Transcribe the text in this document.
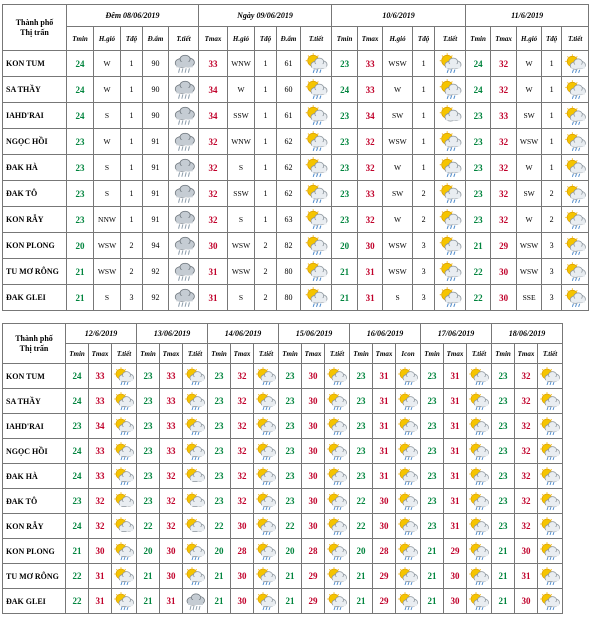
Thành phố
Thị trấn	Đêm 08/06/2019					Ngày 09/06/2019					10/6/2019					11/6/2019				
	Tmin	H.gió	Tđộ	Đ.ẩm	T.tiết	Tmax	H.gió	Tđộ	Đ.ẩm	T.tiết	Tmin	Tmax	H.gió	Tđộ	T.tiết	Tmin	Tmax	H.gió	Tđộ	T.tiết
KON TUM	24	W	1	90		33	WNW	1	61		23	33	WSW	1		24	32	W	1	

SA THẦY	24	W	1	90		34	W	1	60		24	33	W	1		24	32	W	1	

IAHD'RAI	24	S	1	90		34	SSW	1	61		23	34	SW	1		23	33	SW	1	

NGỌC HỒI	23	W	1	91		32	WNW	1	62		23	32	WSW	1		23	32	WSW	1	

ĐAK HÀ	23	S	1	91		32	S	1	62		23	32	W	1		23	32	W	1	

ĐAK TÔ	23	S	1	91		32	SSW	1	62		23	33	SW	2		23	32	SW	2	

KON RẪY	23	NNW	1	91		32	S	1	63		23	32	W	2		23	32	W	2	

KON PLONG	20	WSW	2	94		30	WSW	2	82		20	30	WSW	3		21	29	WSW	3	

TU MƠ RÔNG	21	WSW	2	92		31	WSW	2	80		21	31	WSW	3		22	30	WSW	3	

ĐAK GLEI	21	S	3	92		31	S	2	80		21	31	S	3		22	30	SSE	3	
Thành phố
Thị trấn	12/6/2019			13/06/2019			14/06/2019			15/06/2019			16/06/2019			17/06/2019			18/06/2019		
	Tmin	Tmax	T.tiết	Tmin	Tmax	T.tiết	Tmin	Tmax	T.tiết	Tmin	Tmax	T.tiết	Tmin	Tmax	Icon	Tmin	Tmax	T.tiết	Tmin	Tmax	T.tiết
KON TUM	24	33		23	33		23	32		23	30		23	31		23	31		23	32	

SA THẦY	24	33		23	33		23	32		23	30		23	31		23	31		23	32	

IAHD'RAI	23	34		23	33		23	32		23	30		23	31		23	31		23	32	

NGỌC HỒI	24	33		23	33		23	32		23	30		23	31		23	31		23	32	

ĐAK HÀ	24	33		23	32		23	32		23	30		23	31		23	31		23	32	

ĐAK TÔ	23	32		23	32		23	32		23	30		22	30		23	31		23	32	

KON RẪY	24	32		22	32		22	30		22	30		22	30		23	31		23	32	

KON PLONG	21	30		20	30		20	28		20	28		20	28		21	29		21	30	

TU MƠ RÔNG	22	31		21	30		21	30		21	29		21	29		21	30		21	31	

ĐAK GLEI	22	31		21	31		21	30		21	29		21	29		21	30		21	30	
